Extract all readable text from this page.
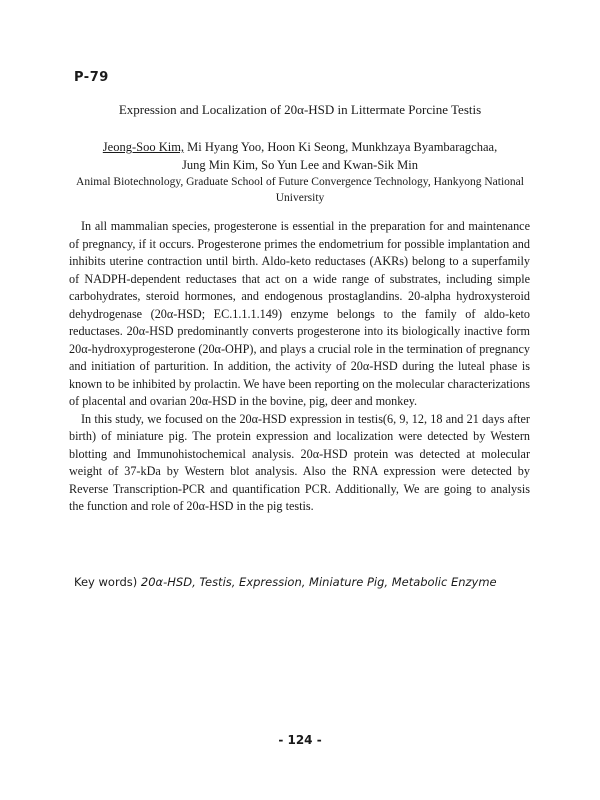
P-79
Expression and Localization of 20α-HSD in Littermate Porcine Testis
Jeong-Soo Kim, Mi Hyang Yoo, Hoon Ki Seong, Munkhzaya Byambaragchaa,
Jung Min Kim, So Yun Lee and Kwan-Sik Min
Animal Biotechnology, Graduate School of Future Convergence Technology, Hankyong National University

In all mammalian species, progesterone is essential in the preparation for and maintenance of pregnancy, if it occurs. Progesterone primes the endometrium for possible implantation and inhibits uterine contraction until birth. Aldo-keto reductases (AKRs) belong to a superfamily of NADPH-dependent reductases that act on a wide range of substrates, including simple carbohydrates, steroid hormones, and endogenous prostaglandins. 20-alpha hydroxysteroid dehydrogenase (20α-HSD; EC.1.1.1.149) enzyme belongs to the family of aldo-keto reductases. 20α-HSD predominantly converts progesterone into its biologically inactive form 20α-hydroxyprogesterone (20α-OHP), and plays a crucial role in the termination of pregnancy and initiation of parturition. In addition, the activity of 20α-HSD during the luteal phase is known to be inhibited by prolactin. We have been reporting on the molecular characterizations of placental and ovarian 20α-HSD in the bovine, pig, deer and monkey.

In this study, we focused on the 20α-HSD expression in testis(6, 9, 12, 18 and 21 days after birth) of miniature pig. The protein expression and localization were detected by Western blotting and Immunohistochemical analysis. 20α-HSD protein was detected at molecular weight of 37-kDa by Western blot analysis. Also the RNA expression were detected by Reverse Transcription-PCR and quantification PCR. Additionally, We are going to analysis the function and role of 20α-HSD in the pig testis.

Key words) 20α-HSD, Testis, Expression, Miniature Pig, Metabolic Enzyme
- 124 -
